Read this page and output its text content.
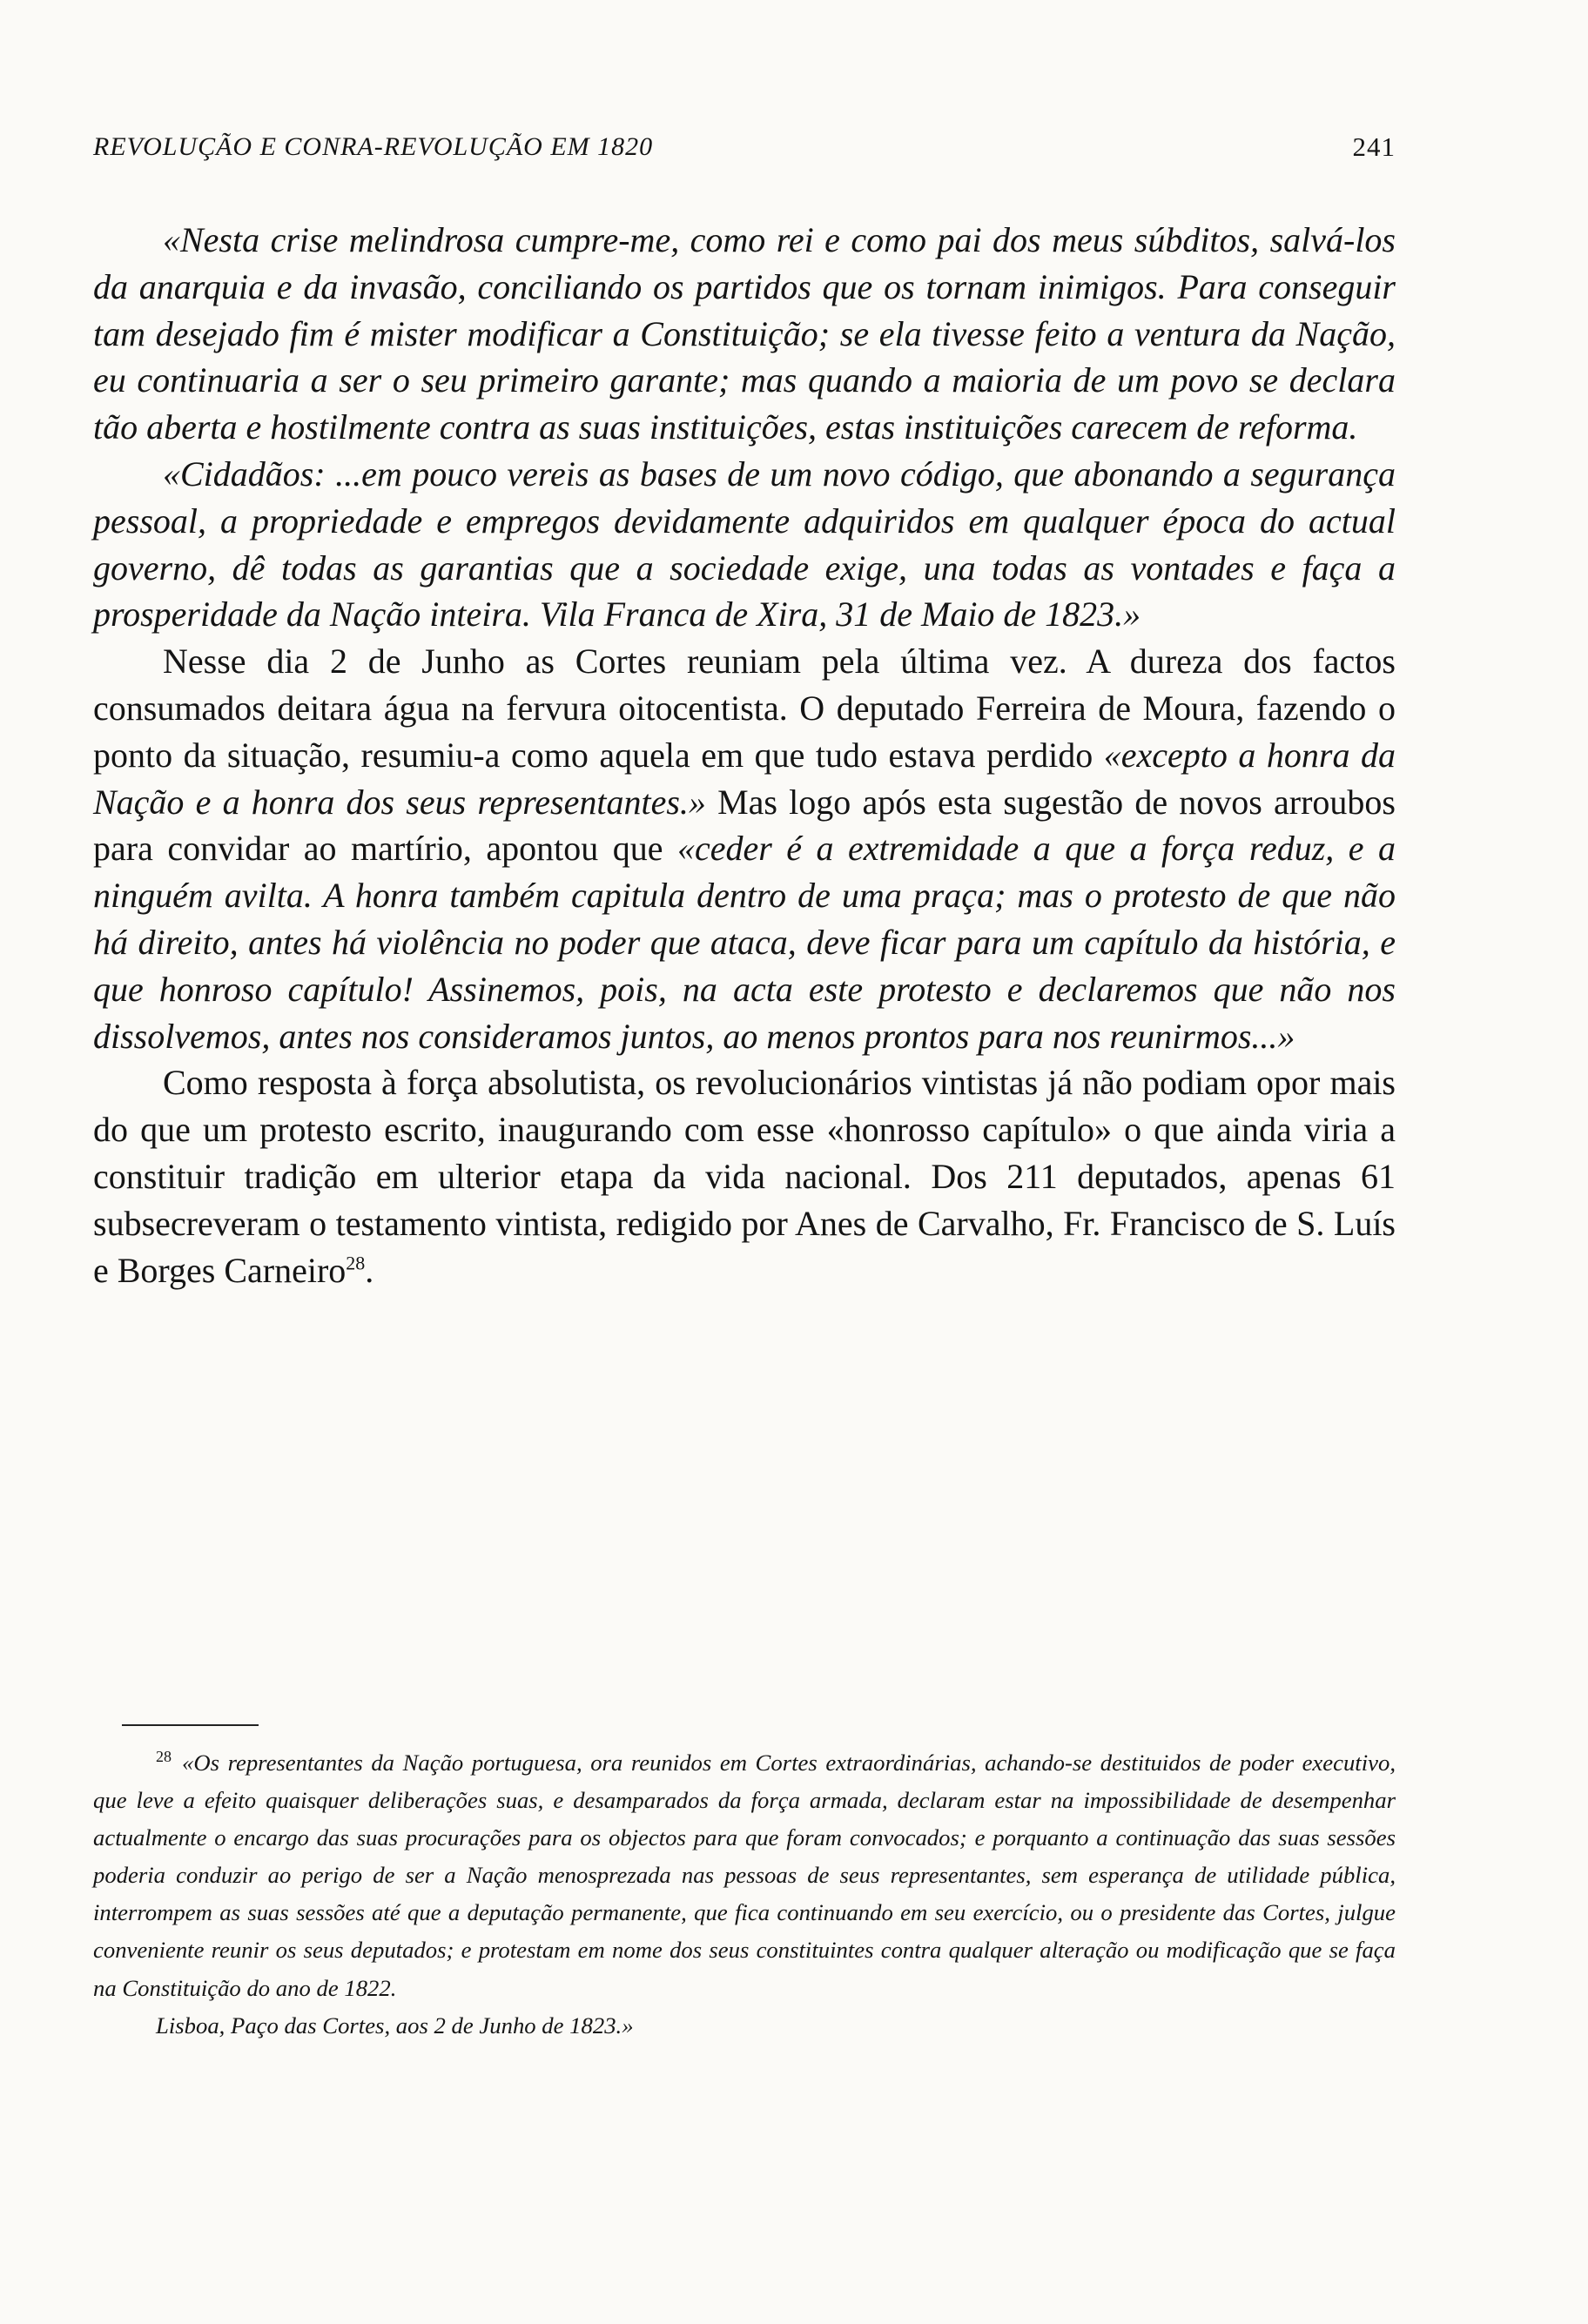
REVOLUÇÃO E CONRA-REVOLUÇÃO EM 1820	241

«Nesta crise melindrosa cumpre-me, como rei e como pai dos meus súbditos, salvá-los da anarquia e da invasão, conciliando os partidos que os tornam inimigos. Para conseguir tam desejado fim é mister modificar a Constituição; se ela tivesse feito a ventura da Nação, eu continuaria a ser o seu primeiro garante; mas quando a maioria de um povo se declara tão aberta e hostilmente contra as suas instituições, estas instituições carecem de reforma.

«Cidadãos: ...em pouco vereis as bases de um novo código, que abonando a segurança pessoal, a propriedade e empregos devidamente adquiridos em qualquer época do actual governo, dê todas as garantias que a sociedade exige, una todas as vontades e faça a prosperidade da Nação inteira. Vila Franca de Xira, 31 de Maio de 1823.»

Nesse dia 2 de Junho as Cortes reuniam pela última vez. A dureza dos factos consumados deitara água na fervura oitocentista. O deputado Ferreira de Moura, fazendo o ponto da situação, resumiu-a como aquela em que tudo estava perdido «excepto a honra da Nação e a honra dos seus representantes.» Mas logo após esta sugestão de novos arroubos para convidar ao martírio, apontou que «ceder é a extremidade a que a força reduz, e a ninguém avilta. A honra também capitula dentro de uma praça; mas o protesto de que não há direito, antes há violência no poder que ataca, deve ficar para um capítulo da história, e que honroso capítulo! Assinemos, pois, na acta este protesto e declaremos que não nos dissolvemos, antes nos consideramos juntos, ao menos prontos para nos reunirmos...»

Como resposta à força absolutista, os revolucionários vintistas já não podiam opor mais do que um protesto escrito, inaugurando com esse «honrosso capítulo» o que ainda viria a constituir tradição em ulterior etapa da vida nacional. Dos 211 deputados, apenas 61 subsecreveram o testamento vintista, redigido por Anes de Carvalho, Fr. Francisco de S. Luís e Borges Carneiro$^{28}$.

$^{28}$ «Os representantes da Nação portuguesa, ora reunidos em Cortes extraordinárias, achando-se destituidos de poder executivo, que leve a efeito quaisquer deliberações suas, e desamparados da força armada, declaram estar na impossibilidade de desempenhar actualmente o encargo das suas procurações para os objectos para que foram convocados; e porquanto a continuação das suas sessões poderia conduzir ao perigo de ser a Nação menosprezada nas pessoas de seus representantes, sem esperança de utilidade pública, interrompem as suas sessões até que a deputação permanente, que fica continuando em seu exercício, ou o presidente das Cortes, julgue conveniente reunir os seus deputados; e protestam em nome dos seus constituintes contra qualquer alteração ou modificação que se faça na Constituição do ano de 1822.

Lisboa, Paço das Cortes, aos 2 de Junho de 1823.»
